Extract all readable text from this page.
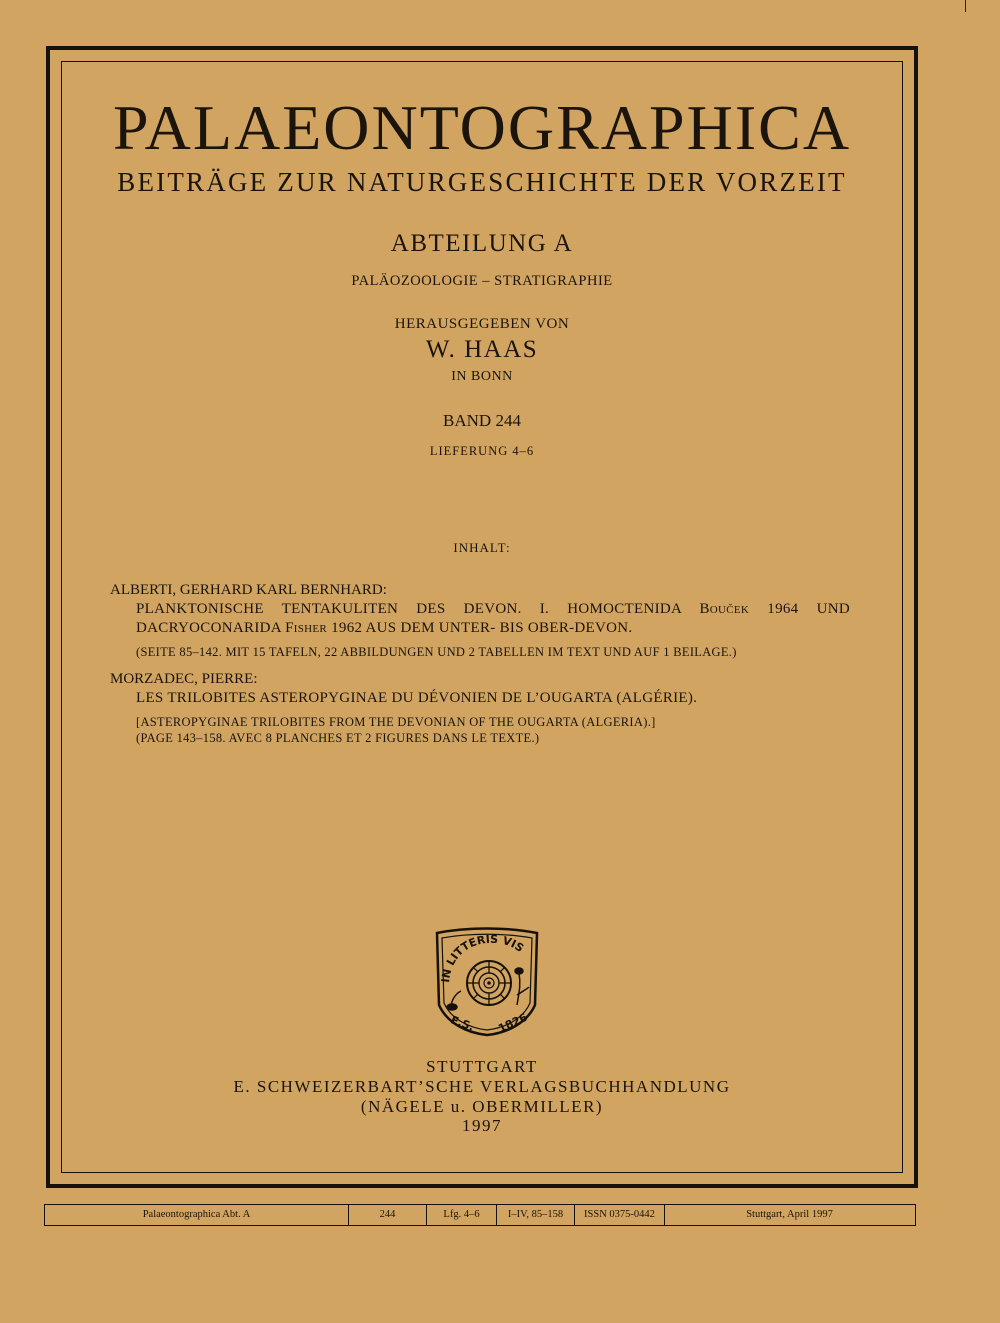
PALAEONTOGRAPHICA
BEITRÄGE ZUR NATURGESCHICHTE DER VORZEIT
ABTEILUNG A
PALÄOZOOLOGIE – STRATIGRAPHIE
HERAUSGEGEBEN VON
W. HAAS
IN BONN
BAND 244
LIEFERUNG 4–6
INHALT:
ALBERTI, GERHARD KARL BERNHARD:
PLANKTONISCHE TENTAKULITEN DES DEVON. I. HOMOCTENIDA Bouček 1964 UND DACRYOCONARIDA Fisher 1962 AUS DEM UNTER- BIS OBER-DEVON.
(SEITE 85–142. MIT 15 TAFELN, 22 ABBILDUNGEN UND 2 TABELLEN IM TEXT UND AUF 1 BEILAGE.)
MORZADEC, PIERRE:
LES TRILOBITES ASTEROPYGINAE DU DÉVONIEN DE L’OUGARTA (ALGÉRIE).
[ASTEROPYGINAE TRILOBITES FROM THE DEVONIAN OF THE OUGARTA (ALGERIA).]
(PAGE 143–158. AVEC 8 PLANCHES ET 2 FIGURES DANS LE TEXTE.)
IN LITTERIS VIS
E.S. 1826
STUTTGART
E. SCHWEIZERBART’SCHE VERLAGSBUCHHANDLUNG
(NÄGELE u. OBERMILLER)
1997
Palaeontographica Abt. A	244	Lfg. 4–6	I–IV, 85–158	ISSN 0375-0442	Stuttgart, April 1997
